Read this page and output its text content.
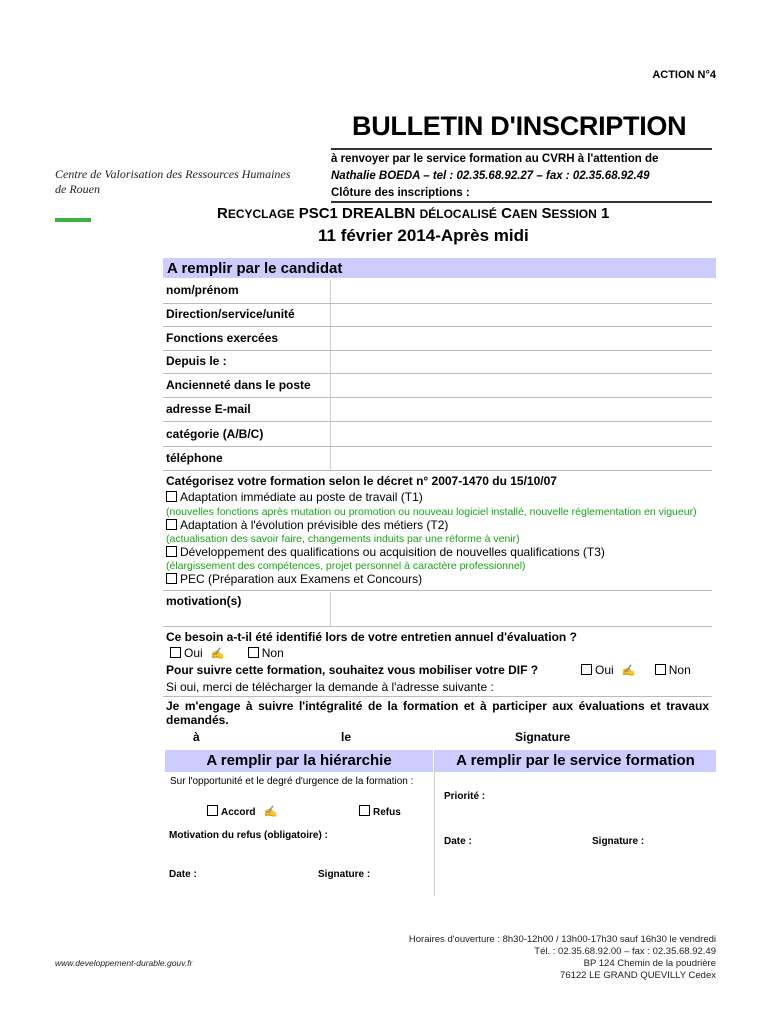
ACTION N°4
BULLETIN D'INSCRIPTION
à renvoyer par le service formation au CVRH à l'attention de
Nathalie BOEDA – tel : 02.35.68.92.27 – fax : 02.35.68.92.49
Clôture des inscriptions :
Centre de Valorisation des Ressources Humaines
de Rouen
RECYCLAGE PSC1 DREALBN DÉLOCALISÉ CAEN SESSION 1
11 février 2014-Après midi
A remplir par le candidat
nom/prénom
Direction/service/unité
Fonctions exercées
Depuis le :
Ancienneté dans le poste
adresse E-mail
catégorie (A/B/C)
téléphone
Catégorisez votre formation selon le décret n° 2007-1470 du 15/10/07
Adaptation immédiate au poste de travail (T1)
(nouvelles fonctions après mutation ou promotion ou nouveau logiciel installé, nouvelle réglementation en vigueur)
Adaptation à l'évolution prévisible des métiers (T2)
(actualisation des savoir faire, changements induits par une réforme à venir)
Développement des qualifications ou acquisition de nouvelles qualifications (T3)
(élargissement des compétences, projet personnel à caractère professionnel)
PEC (Préparation aux Examens et Concours)
motivation(s)
Ce besoin a-t-il été identifié lors de votre entretien annuel d'évaluation ?
Oui ✍	Non
Pour suivre cette formation, souhaitez vous mobiliser votre DIF ?	Oui ✍	Non
Si oui, merci de télécharger la demande à l'adresse suivante :
Je m'engage à suivre l'intégralité de la formation et à participer aux évaluations et travaux demandés.
à	le	Signature
A remplir par la hiérarchie	A remplir par le service formation
Sur l'opportunité et le degré d'urgence de la formation :
Accord ✍	Refus
Motivation du refus (obligatoire) :
Date :	Signature :
Priorité :
Date :	Signature :
Horaires d'ouverture : 8h30-12h00 / 13h00-17h30 sauf 16h30 le vendredi
Tél. : 02.35.68.92.00 – fax : 02.35.68.92.49
BP 124 Chemin de la poudrière
76122 LE GRAND QUEVILLY Cedex
www.developpement-durable.gouv.fr
